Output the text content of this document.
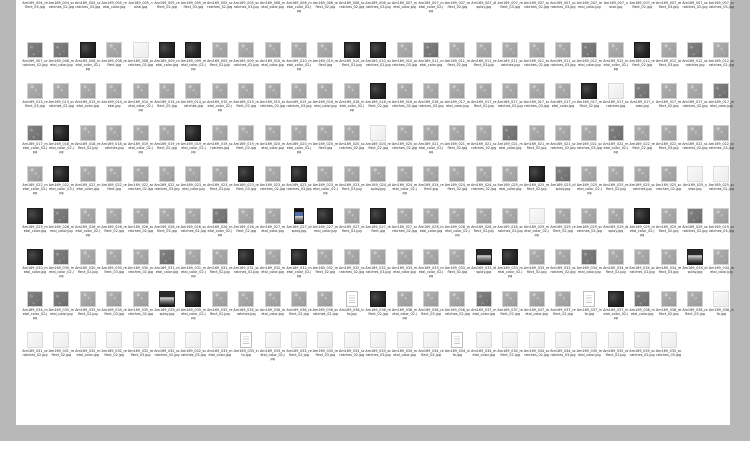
Am169_004_reflect_03.jpg
Am169_004_scratches_02.jpg
Am169_004_scratches_03.jpg
Am169_005_metal_color.jpg
Am169_005_noise.jpg
Am169_005_reflect_02.jpg
Am169_005_reflect_03.jpg
Am169_005_scratches_02.jpg
Am169_005_scratches_03.jpg
Am169_006_metal_color.jpg
Am169_006_metal_color_02.jpg
Am169_006_reflect_02.jpg
Am169_006_scratches_02.jpg
Am169_006_scratches_03.jpg
Am169_007_metal_color.jpg
Am169_007_metal_color_02.jpg
Am169_007_reflect_02.jpg
Am169_007_display.jpg
Am169_007_reflect_03.jpg
Am169_007_scratches_02.jpg
Am169_007_scratches_03.jpg
Am169_007_metal_color.jpg
Am169_007_noise.jpg
Am169_007_reflect_02.jpg
Am169_007_reflect_03.jpg
Am169_007_scratches_02.jpg
Am169_007_scratches_03.jpg
Am169_007_scratches_02.jpg
Am169_008_metal_color.jpg
Am169_008_metal_color_02.jpg
Am169_008_reflect.jpg
Am169_008_scratches_02.jpg
Am169_009_metal_color.jpg
Am169_009_metal_color_02.jpg
Am169_009_reflect_02.jpg
Am169_009_scratches_02.jpg
Am169_010_metal_color.jpg
Am169_010_metal_color_02.jpg
Am169_010_reflect.jpg
Am169_010_reflect_02.jpg
Am169_010_scratches_02.jpg
Am169_010_scratches_03.jpg
Am169_011_metal_color.jpg
Am169_011_reflect_02.jpg
Am169_011_reflect_03.jpg
Am169_011_scratches.jpg
Am169_011_scratches_02.jpg
Am169_011_scratches_03.jpg
Am169_012_metal_color.jpg
Am169_012_metal_color_02.jpg
Am169_012_reflect_02.jpg
Am169_012_reflect_03.jpg
Am169_012_scratches.jpg
Am169_012_scratches_02.jpg
Am169_013_reflect_03.jpg
Am169_013_scratches_02.jpg
Am169_013_metal_color.jpg
Am169_014_metal.jpg
Am169_014_metal_color_02.jpg
Am169_014_reflect_02.jpg
Am169_014_scratches.jpg
Am169_015_metal_color_02.jpg
Am169_015_reflect_02.jpg
Am169_015_scratches_02.jpg
Am169_015_scratches_03.jpg
Am169_016_metal_color.jpg
Am169_016_metal_color_02.jpg
Am169_016_reflect_02.jpg
Am169_016_scratches_02.jpg
Am169_016_scratches_03.jpg
Am169_017_metal_color.jpg
Am169_017_reflect_02.jpg
Am169_017_scratches_02.jpg
Am169_017_scratches_03.jpg
Am169_017_metal_color.jpg
Am169_017_reflect_02.jpg
Am169_017_scratches.jpg
Am169_017_noise.jpg
Am169_017_reflect_02.jpg
Am169_017_scratches_02.jpg
Am169_017_metal_color.jpg
Am169_017_metal_color_02.jpg
Am169_018_metal_color_02.jpg
Am169_018_reflect_02.jpg
Am169_018_scratches.jpg
Am169_019_metal_color_02.jpg
Am169_019_reflect_02.jpg
Am169_019_metal_color_02.jpg
Am169_019_scratches.jpg
Am169_019_reflect_02.jpg
Am169_020_metal_color.jpg
Am169_020_metal_color_02.jpg
Am169_020_reflect.jpg
Am169_020_scratches_02.jpg
Am169_020_reflect_02.jpg
Am169_020_scratches_02.jpg
Am169_021_metal_color_02.jpg
Am169_021_reflect_02.jpg
Am169_021_scratches_02.jpg
Am169_021_metal_color.jpg
Am169_021_reflect_02.jpg
Am169_021_scratches_02.jpg
Am169_021_scratches_03.jpg
Am169_022_metal_color_02.jpg
Am169_022_reflect_02.jpg
Am169_022_reflect_03.jpg
Am169_022_scratches_02.jpg
Am169_022_scratches_03.jpg
Am169_022_metal_color_02.jpg
Am169_022_metal_color_03.jpg
Am169_022_metal_color.jpg
Am169_022_reflect.jpg
Am169_022_scratches_02.jpg
Am169_022_scratches_03.jpg
Am169_023_metal_color.jpg
Am169_023_reflect_02.jpg
Am169_023_reflect_03.jpg
Am169_023_scratches_02.jpg
Am169_023_scratches_03.jpg
Am169_023_metal_color_02.jpg
Am169_023_reflect_03.jpg
Am169_024_display.jpg
Am169_024_metal_color_02.jpg
Am169_024_reflect.jpg
Am169_024_reflect_02.jpg
Am169_024_scratches_02.jpg
Am169_025_metal_color.jpg
Am169_025_reflect_02.jpg
Am169_025_display.jpg
Am169_025_metal_color_02.jpg
Am169_025_reflect_02.jpg
Am169_025_scratches.jpg
Am169_025_scratches_02.jpg
Am169_025_noise.jpg
Am169_025_scratches_02.jpg
Am169_025_metal_color.jpg
Am169_026_metal_color.jpg
Am169_026_metal_color_02.jpg
Am169_026_reflect_02.jpg
Am169_026_scratches_02.jpg
Am169_026_reflect_03.jpg
Am169_026_scratches_02.jpg
Am169_026_metal_color_02.jpg
Am169_026_reflect_02.jpg
Am169_027_metal_color.jpg
Am169_027_display.jpg
Am169_027_metal_color.jpg
Am169_027_reflect_02.jpg
Am169_027_reflect.jpg
Am169_027_scratches_02.jpg
Am169_028_metal_color.jpg
Am169_028_metal_color_02.jpg
Am169_028_reflect_02.jpg
Am169_028_scratches_02.jpg
Am169_029_metal_color_02.jpg
Am169_029_reflect_02.jpg
Am169_029_scratches_02.jpg
Am169_029_display.jpg
Am169_029_metal_color_02.jpg
Am169_029_reflect_02.jpg
Am169_029_scratches_02.jpg
Am169_029_scratches_03.jpg
Am169_030_metal_color.jpg
Am169_030_metal_color_02.jpg
Am169_030_reflect_02.jpg
Am169_030_reflect_03.jpg
Am169_030_scratches_02.jpg
Am169_031_metal_color.jpg
Am169_031_metal_color_02.jpg
Am169_031_reflect_02.jpg
Am169_031_scratches_02.jpg
Am169_032_metal_color.jpg
Am169_032_metal_color_02.jpg
Am169_032_reflect_02.jpg
Am169_032_scratches_02.jpg
Am169_032_scratches_03.jpg
Am169_033_metal_color.jpg
Am169_033_metal_color_02.jpg
Am169_033_reflect_02.jpg
Am169_033_display.jpg
Am169_033_metal_color_02.jpg
Am169_033_reflect_02.jpg
Am169_033_scratches_02.jpg
Am169_034_metal_color.jpg
Am169_034_reflect_02.jpg
Am169_034_scratches_02.jpg
Am169_034_reflect_03.jpg
Am169_034_display.jpg
Am169_034_metal_color.jpg
Am169_034_metal_color_02.jpg
Am169_035_metal_color.jpg
Am169_035_reflect_02.jpg
Am169_035_reflect_03.jpg
Am169_035_scratches_02.jpg
Am169_035_display.jpg
Am169_035_metal_color_02.jpg
Am169_035_reflect_02.jpg
Am169_035_scratches.jpg
Am169_036_metal_color.jpg
Am169_036_reflect_02.jpg
Am169_036_scratches_02.jpg
Am169_036_info.jpg
Am169_036_reflect_02.jpg
Am169_036_metal_color_02.jpg
Am169_036_reflect_03.jpg
Am169_036_scratches_02.jpg
Am169_037_metal_color.jpg
Am169_037_reflect_02.jpg
Am169_037_metal_color.jpg
Am169_037_reflect_02.jpg
Am169_037_info.jpg
Am169_037_metal_color_02.jpg
Am169_038_metal_color.jpg
Am169_038_reflect_02.jpg
Am169_038_reflect_03.jpg
Am169_038_info.jpg
Am169_031_scratches_02.jpg
Am169_031_reflect_02.jpg
Am169_032_metal_color.jpg
Am169_032_reflect_02.jpg
Am169_032_reflect_03.jpg
Am169_032_scratches_02.jpg
Am169_032_scratches_03.jpg
Am169_033_metal_color.jpg
Am169_033_info.jpg
Am169_033_metal_color_02.jpg
Am169_033_reflect_02.jpg
Am169_033_reflect_03.jpg
Am169_033_scratches_02.jpg
Am169_033_scratches_03.jpg
Am169_034_metal_color.jpg
Am169_034_reflect_02.jpg
Am169_034_info.jpg
Am169_034_metal_color.jpg
Am169_034_reflect_02.jpg
Am169_034_scratches_02.jpg
Am169_034_scratches_03.jpg
Am169_035_metal_color.jpg
Am169_035_reflect_02.jpg
Am169_035_scratches_02.jpg
Am169_035_scratches_03.jpg
